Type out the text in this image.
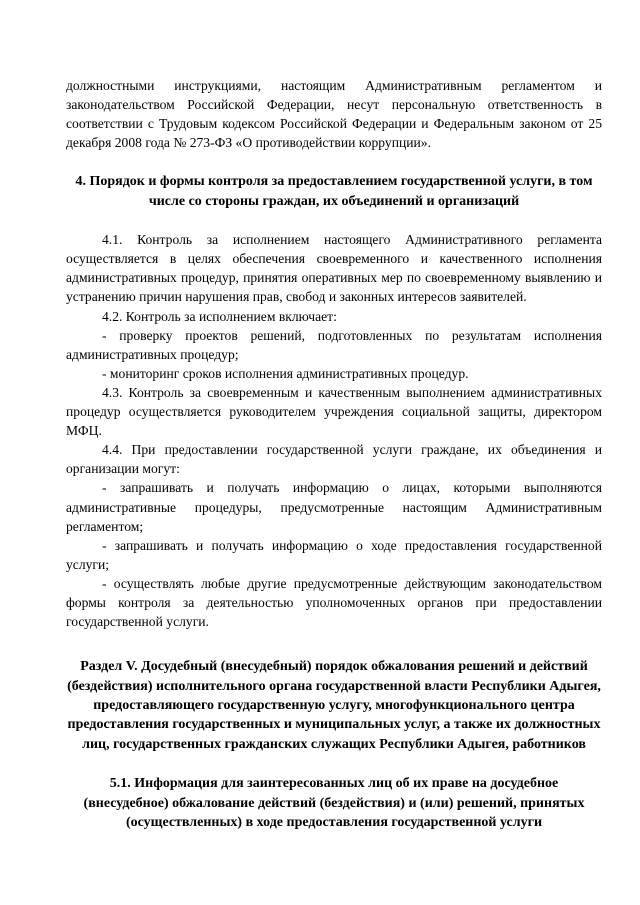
должностными инструкциями, настоящим Административным регламентом и законодательством Российской Федерации, несут персональную ответственность в соответствии с Трудовым кодексом Российской Федерации и Федеральным законом от 25 декабря 2008 года № 273-ФЗ «О противодействии коррупции».

4. Порядок и формы контроля за предоставлением государственной услуги, в том числе со стороны граждан, их объединений и организаций

4.1. Контроль за исполнением настоящего Административного регламента осуществляется в целях обеспечения своевременного и качественного исполнения административных процедур, принятия оперативных мер по своевременному выявлению и устранению причин нарушения прав, свобод и законных интересов заявителей.

4.2. Контроль за исполнением включает:

- проверку проектов решений, подготовленных по результатам исполнения административных процедур;

- мониторинг сроков исполнения административных процедур.

4.3. Контроль за своевременным и качественным выполнением административных процедур осуществляется руководителем учреждения социальной защиты, директором МФЦ.

4.4. При предоставлении государственной услуги граждане, их объединения и организации могут:

- запрашивать и получать информацию о лицах, которыми выполняются административные процедуры, предусмотренные настоящим Административным регламентом;

- запрашивать и получать информацию о ходе предоставления государственной услуги;

- осуществлять любые другие предусмотренные действующим законодательством формы контроля за деятельностью уполномоченных органов при предоставлении государственной услуги.

Раздел V. Досудебный (внесудебный) порядок обжалования решений и действий (бездействия) исполнительного органа государственной власти Республики Адыгея, предоставляющего государственную услугу, многофункционального центра предоставления государственных и муниципальных услуг, а также их должностных лиц, государственных гражданских служащих Республики Адыгея, работников

5.1. Информация для заинтересованных лиц об их праве на досудебное (внесудебное) обжалование действий (бездействия) и (или) решений, принятых (осуществленных) в ходе предоставления государственной услуги
